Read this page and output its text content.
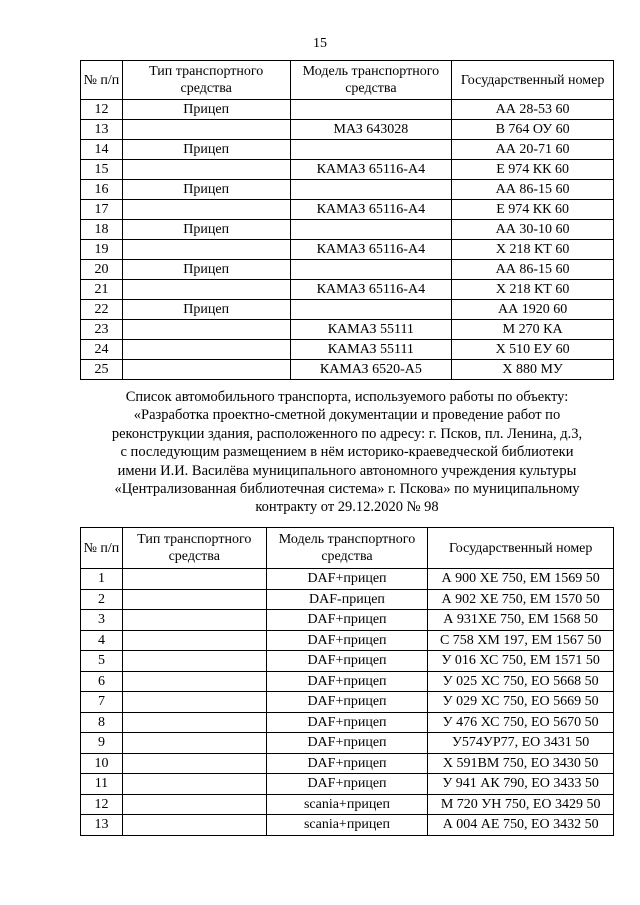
15
№ п/п	Тип транспортного средства	Модель транспортного средства	Государственный номер
12	Прицеп		АА 28-53 60
13		МАЗ 643028	В 764 ОУ 60
14	Прицеп		АА 20-71 60
15		КАМАЗ 65116-А4	Е 974 КК 60
16	Прицеп		АА 86-15 60
17		КАМАЗ 65116-А4	Е 974 КК 60
18	Прицеп		АА 30-10 60
19		КАМАЗ 65116-А4	Х 218 КТ 60
20	Прицеп		АА 86-15 60
21		КАМАЗ 65116-А4	Х 218 КТ 60
22	Прицеп		АА 1920 60
23		КАМАЗ 55111	М 270 КА
24		КАМАЗ 55111	Х 510 ЕУ 60
25		КАМАЗ 6520-А5	Х 880 МУ
Список автомобильного транспорта, используемого работы по объекту:
«Разработка проектно-сметной документации и проведение работ по
реконструкции здания, расположенного по адресу: г. Псков, пл. Ленина, д.3,
с последующим размещением в нём историко-краеведческой библиотеки
имени И.И. Василёва муниципального автономного учреждения культуры
«Централизованная библиотечная система» г. Пскова» по муниципальному
контракту от 29.12.2020 № 98
№ п/п	Тип транспортного средства	Модель транспортного средства	Государственный номер
1		DAF+прицеп	А 900 ХЕ 750, ЕМ 1569 50
2		DAF-прицеп	А 902 ХЕ 750, ЕМ 1570 50
3		DAF+прицеп	А 931ХЕ 750, ЕМ 1568 50
4		DAF+прицеп	С 758 ХМ 197, ЕМ 1567 50
5		DAF+прицеп	У 016 ХС 750, ЕМ 1571 50
6		DAF+прицеп	У 025 ХС 750, ЕО 5668 50
7		DAF+прицеп	У 029 ХС 750, ЕО 5669 50
8		DAF+прицеп	У 476 ХС 750, ЕО 5670 50
9		DAF+прицеп	У574УР77, ЕО 3431 50
10		DAF+прицеп	Х 591ВМ 750, ЕО 3430 50
11		DAF+прицеп	У 941 АК 790, ЕО 3433 50
12		scania+прицеп	М 720 УН 750, ЕО 3429 50
13		scania+прицеп	А 004 АЕ 750, ЕО 3432 50
